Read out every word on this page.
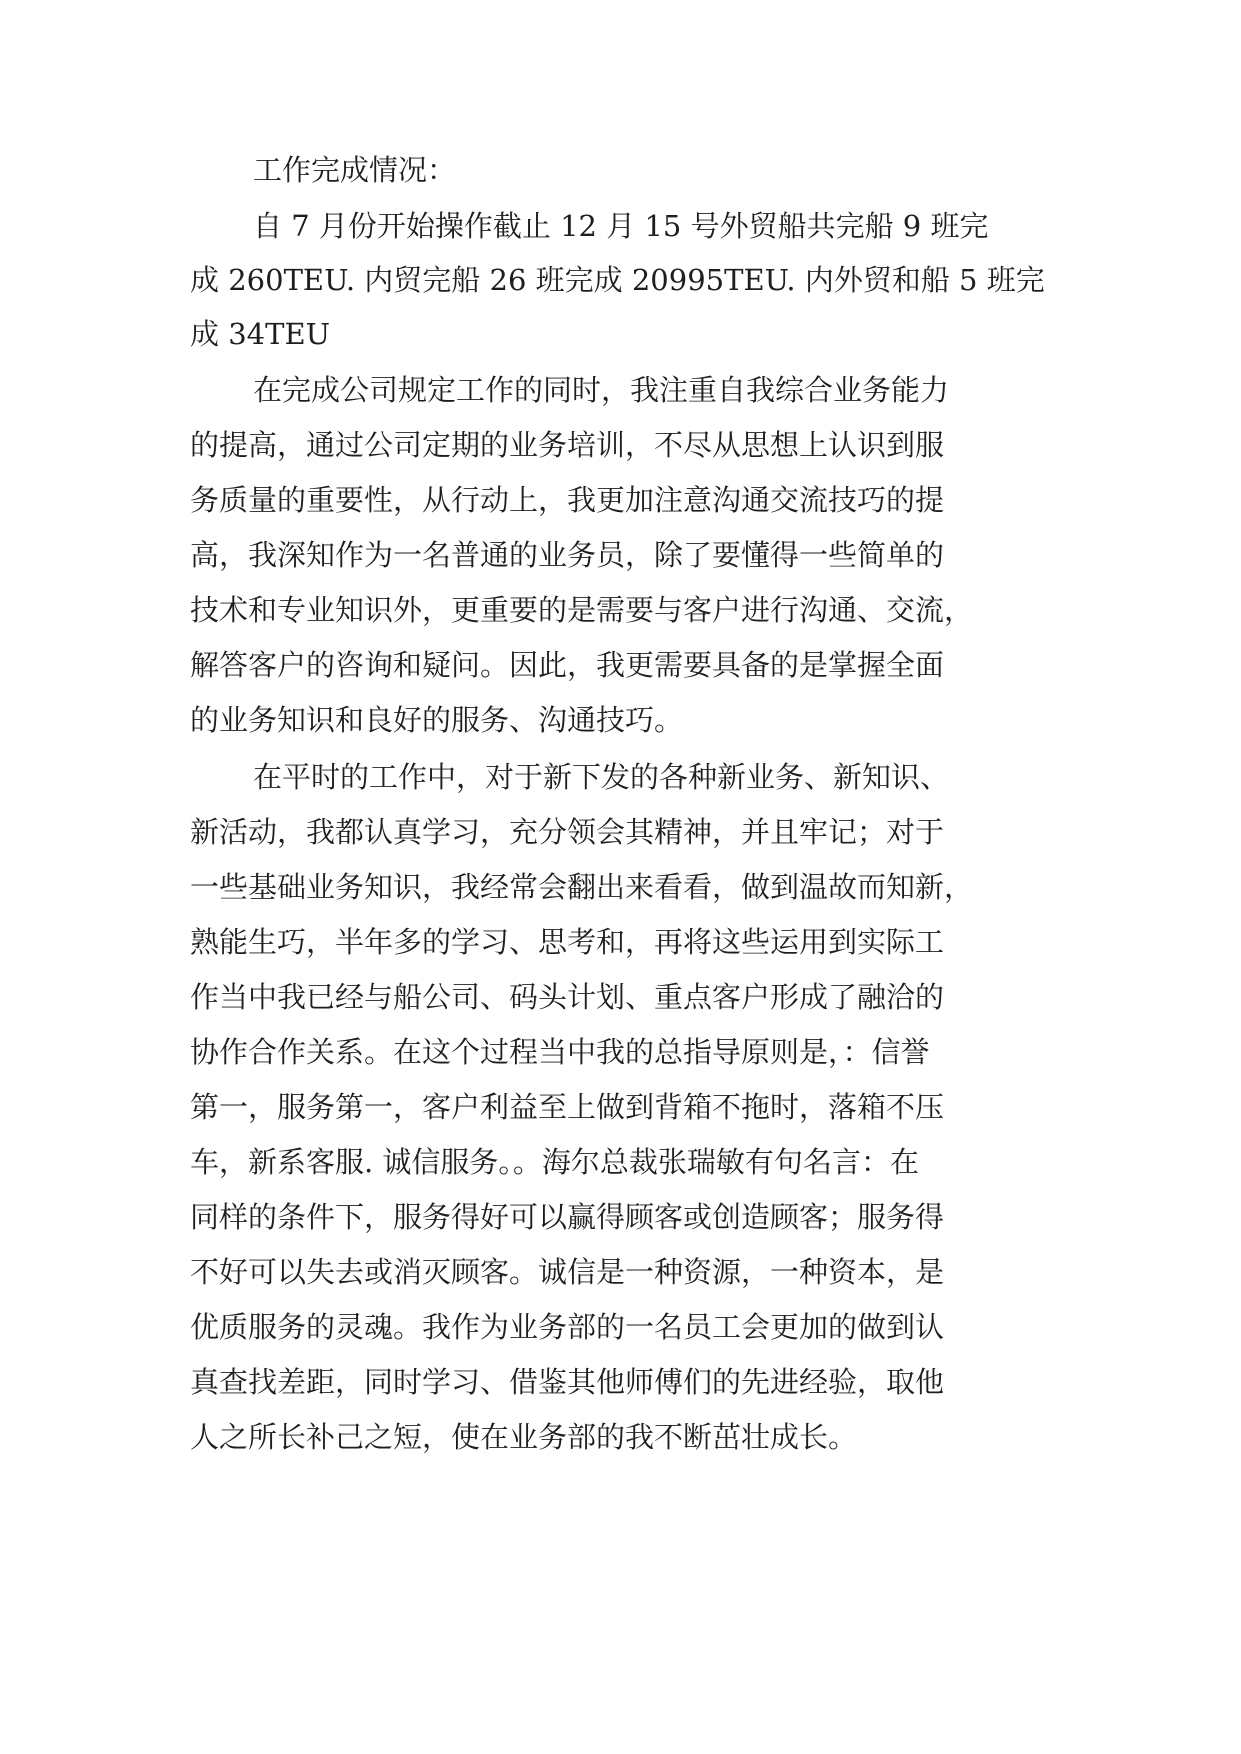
工作完成情况：
自 7 月份开始操作截止 12 月 15 号外贸船共完船 9 班完
成 260TEU. 内贸完船 26 班完成 20995TEU. 内外贸和船 5 班完
成 34TEU
在完成公司规定工作的同时，我注重自我综合业务能力
的提高，通过公司定期的业务培训，不尽从思想上认识到服
务质量的重要性，从行动上，我更加注意沟通交流技巧的提
高，我深知作为一名普通的业务员，除了要懂得一些简单的
技术和专业知识外，更重要的是需要与客户进行沟通、交流，
解答客户的咨询和疑问。因此，我更需要具备的是掌握全面
的业务知识和良好的服务、沟通技巧。
在平时的工作中，对于新下发的各种新业务、新知识、
新活动，我都认真学习，充分领会其精神，并且牢记；对于
一些基础业务知识，我经常会翻出来看看，做到温故而知新，
熟能生巧，半年多的学习、思考和，再将这些运用到实际工
作当中我已经与船公司、码头计划、重点客户形成了融洽的
协作合作关系。在这个过程当中我的总指导原则是，：信誉
第一，服务第一，客户利益至上做到背箱不拖时，落箱不压
车，新系客服. 诚信服务。。海尔总裁张瑞敏有句名言：在
同样的条件下，服务得好可以赢得顾客或创造顾客；服务得
不好可以失去或消灭顾客。诚信是一种资源，一种资本，是
优质服务的灵魂。我作为业务部的一名员工会更加的做到认
真查找差距，同时学习、借鉴其他师傅们的先进经验，取他
人之所长补己之短，使在业务部的我不断茁壮成长。
